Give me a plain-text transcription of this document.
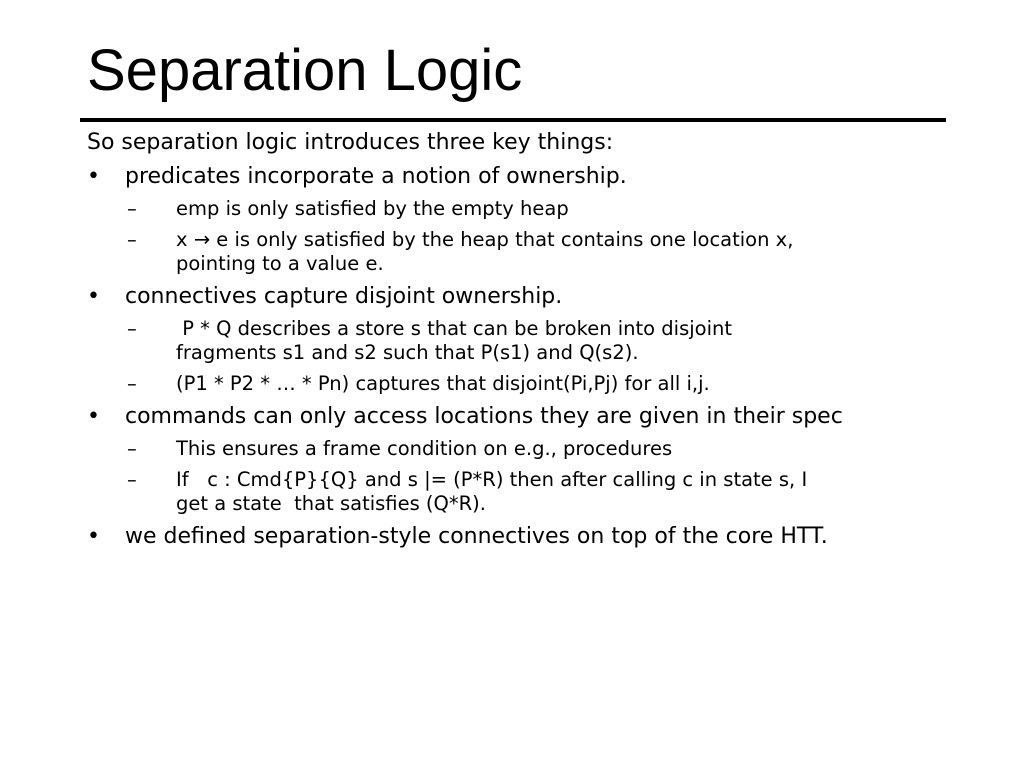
Separation Logic
So separation logic introduces three key things:
• predicates incorporate a notion of ownership.
– emp is only satisfied by the empty heap
– x → e is only satisfied by the heap that contains one location x,
pointing to a value e.
• connectives capture disjoint ownership.
– P * Q describes a store s that can be broken into disjoint
fragments s1 and s2 such that P(s1) and Q(s2).
– (P1 * P2 * … * Pn) captures that disjoint(Pi,Pj) for all i,j.
• commands can only access locations they are given in their spec
– This ensures a frame condition on e.g., procedures
– If   c : Cmd{P}{Q} and s |= (P*R) then after calling c in state s, I
get a state  that satisfies (Q*R).
• we defined separation-style connectives on top of the core HTT.
